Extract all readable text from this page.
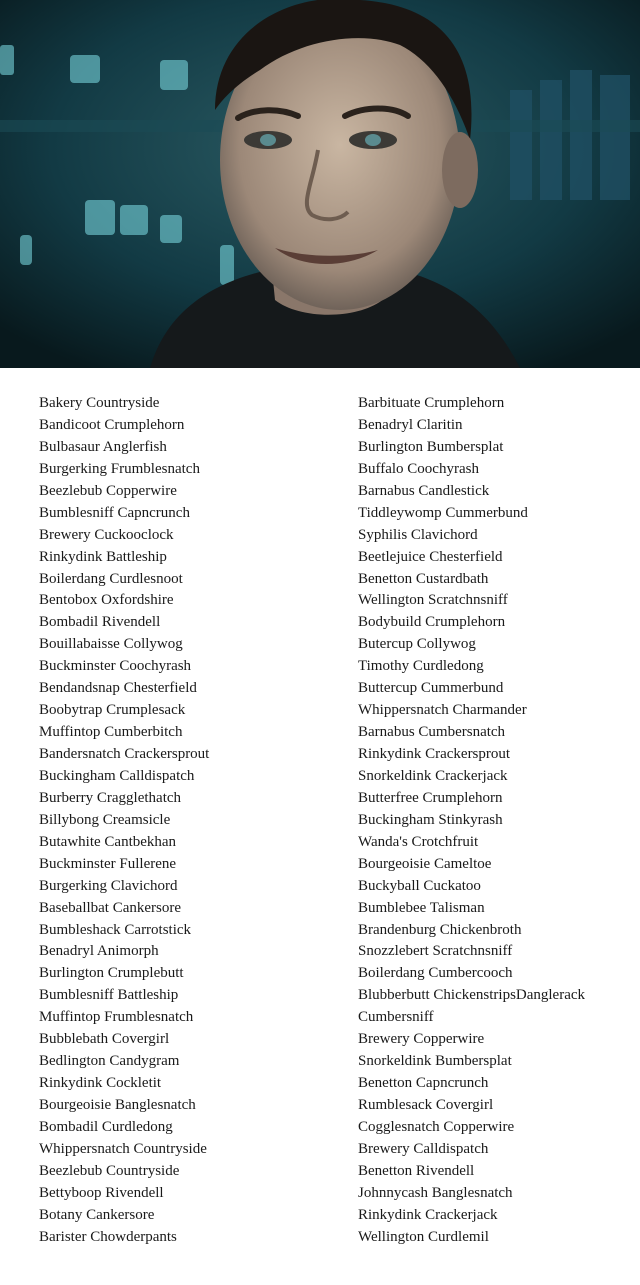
Bakery Countryside
Bandicoot Crumplehorn
Bulbasaur Anglerfish
Burgerking Frumblesnatch
Beezlebub Copperwire
Bumblesniff Capncrunch
Brewery Cuckooclock
Rinkydink Battleship
Boilerdang Curdlesnoot
Bentobox Oxfordshire
Bombadil Rivendell
Bouillabaisse Collywog
Buckminster Coochyrash
Bendandsnap Chesterfield
Boobytrap Crumplesack
Muffintop Cumberbitch
Bandersnatch Crackersprout
Buckingham Calldispatch
Burberry Cragglethatch
Billybong Creamsicle
Butawhite Cantbekhan
Buckminster Fullerene
Burgerking Clavichord
Baseballbat Cankersore
Bumbleshack Carrotstick
Benadryl Animorph
Burlington Crumplebutt
Bumblesniff Battleship
Muffintop Frumblesnatch
Bubblebath Covergirl
Bedlington Candygram
Rinkydink Cockletit
Bourgeoisie Banglesnatch
Bombadil Curdledong
Whippersnatch Countryside
Beezlebub Countryside
Bettyboop Rivendell
Botany Cankersore
Barister Chowderpants
Barbituate Crumplehorn
Benadryl Claritin
Burlington Bumbersplat
Buffalo Coochyrash
Barnabus Candlestick
Tiddleywomp Cummerbund
Syphilis Clavichord
Beetlejuice Chesterfield
Benetton Custardbath
Wellington Scratchnsniff
Bodybuild Crumplehorn
Butercup Collywog
Timothy Curdledong
Buttercup Cummerbund
Whippersnatch Charmander
Barnabus Cumbersnatch
Rinkydink Crackersprout
Snorkeldink Crackerjack
Butterfree Crumplehorn
Buckingham Stinkyrash
Wanda's Crotchfruit
Bourgeoisie Cameltoe
Buckyball Cuckatoo
Bumblebee Talisman
Brandenburg Chickenbroth
Snozzlebert Scratchnsniff
Boilerdang Cumbercooch
Blubberbutt ChickenstripsDanglerack
Cumbersniff
Brewery Copperwire
Snorkeldink Bumbersplat
Benetton Capncrunch
Rumblesack Covergirl
Cogglesnatch Copperwire
Brewery Calldispatch
Benetton Rivendell
Johnnycash Banglesnatch
Rinkydink Crackerjack
Wellington Curdlemil
